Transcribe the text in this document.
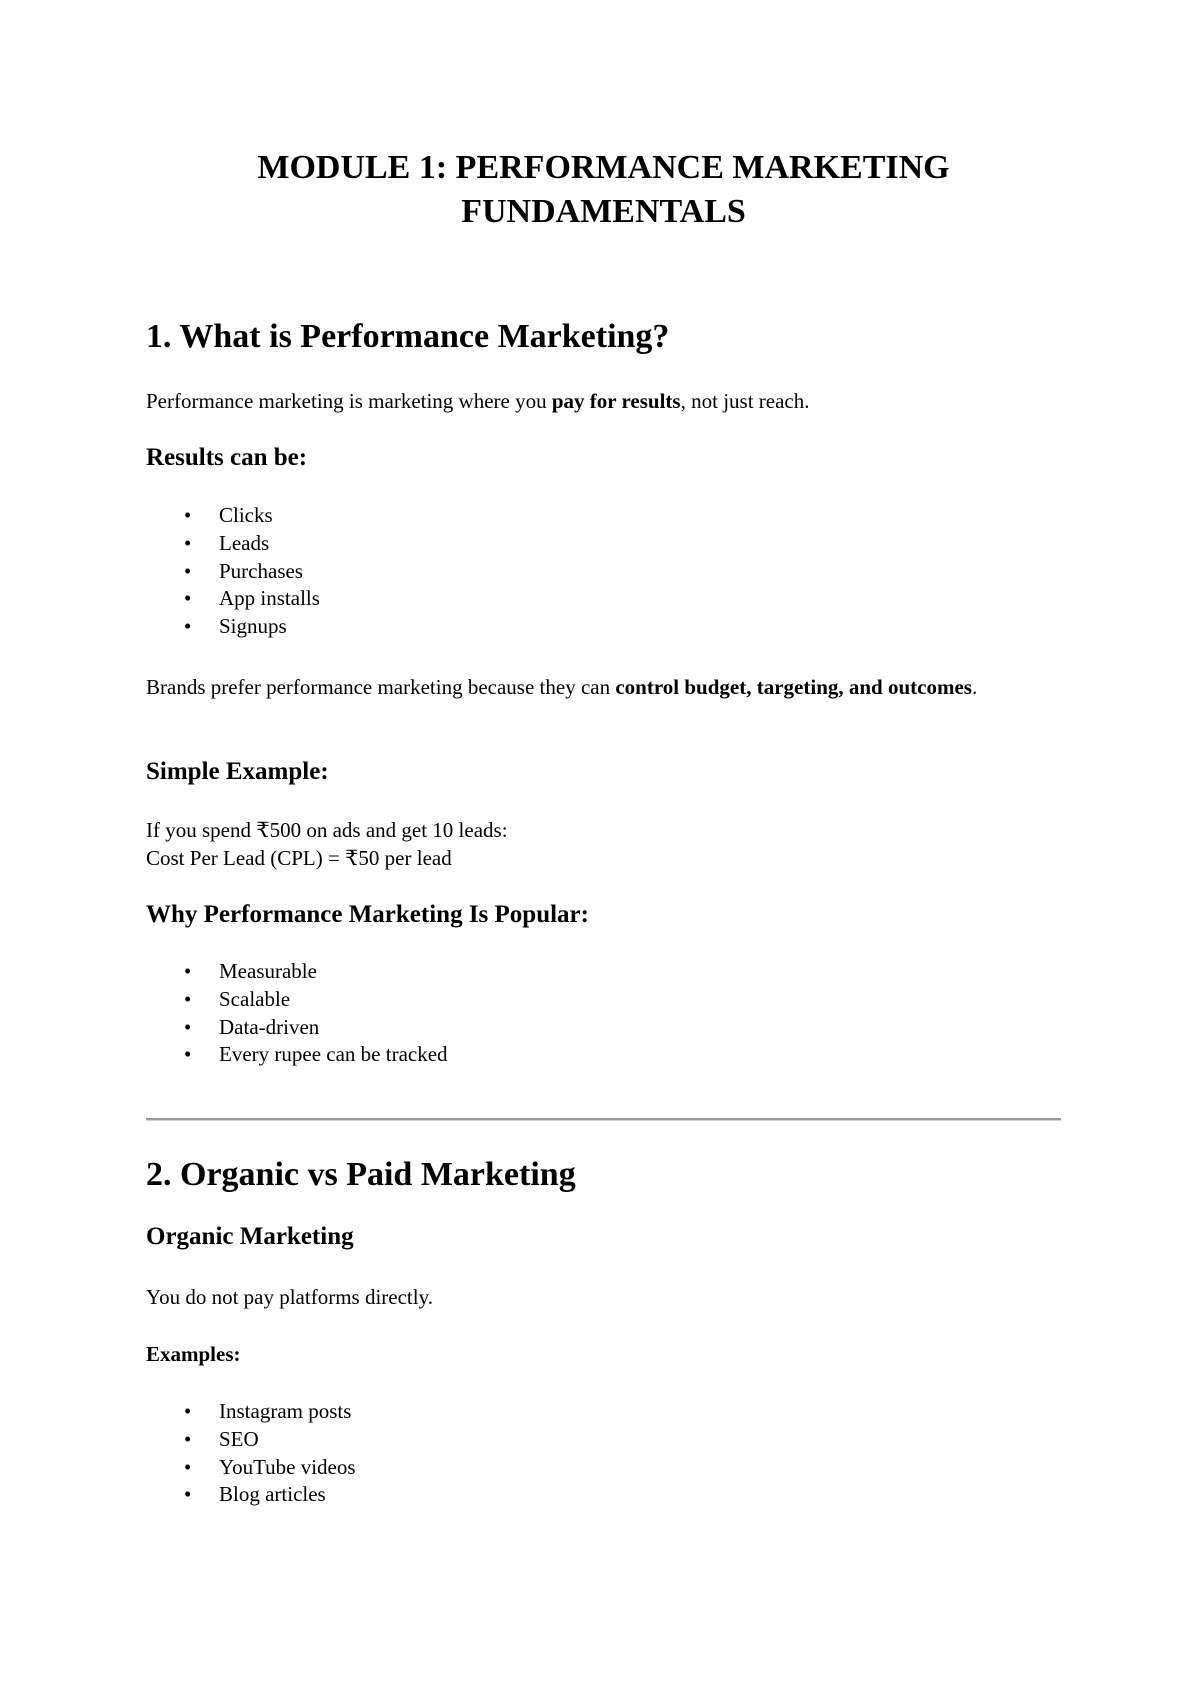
MODULE 1: PERFORMANCE MARKETING
FUNDAMENTALS
1. What is Performance Marketing?

Performance marketing is marketing where you pay for results, not just reach.

Results can be:
• Clicks
• Leads
• Purchases
• App installs
• Signups

Brands prefer performance marketing because they can control budget, targeting, and outcomes.

Simple Example:

If you spend ₹500 on ads and get 10 leads:

Cost Per Lead (CPL) = ₹50 per lead

Why Performance Marketing Is Popular:
• Measurable
• Scalable
• Data-driven
• Every rupee can be tracked
2. Organic vs Paid Marketing
Organic Marketing

You do not pay platforms directly.

Examples:

• Instagram posts
• SEO
• YouTube videos
• Blog articles
